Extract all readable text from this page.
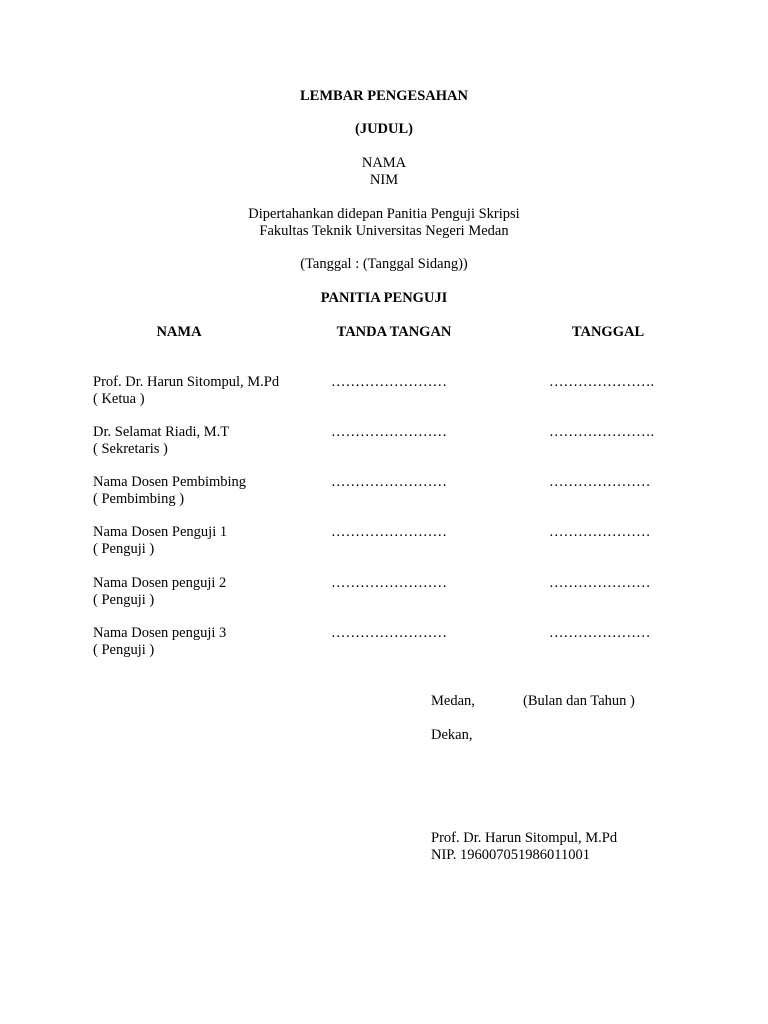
LEMBAR PENGESAHAN
(JUDUL)
NAMA
NIM
Dipertahankan didepan Panitia Penguji Skripsi
Fakultas Teknik Universitas Negeri Medan
(Tanggal : (Tanggal Sidang))
PANITIA PENGUJI
NAMA	TANDA TANGAN	TANGGAL
Prof. Dr. Harun Sitompul, M.Pd
( Ketua )
……………………	………………….
Dr. Selamat Riadi, M.T
( Sekretaris )
……………………	………………….
Nama Dosen Pembimbing
( Pembimbing )
……………………	…………………
Nama Dosen Penguji 1
( Penguji )
……………………	…………………
Nama Dosen penguji 2
( Penguji )
……………………	…………………
Nama Dosen penguji 3
( Penguji )
……………………	…………………
Medan,	(Bulan dan Tahun )
Dekan,
Prof. Dr. Harun Sitompul, M.Pd
NIP. 196007051986011001
